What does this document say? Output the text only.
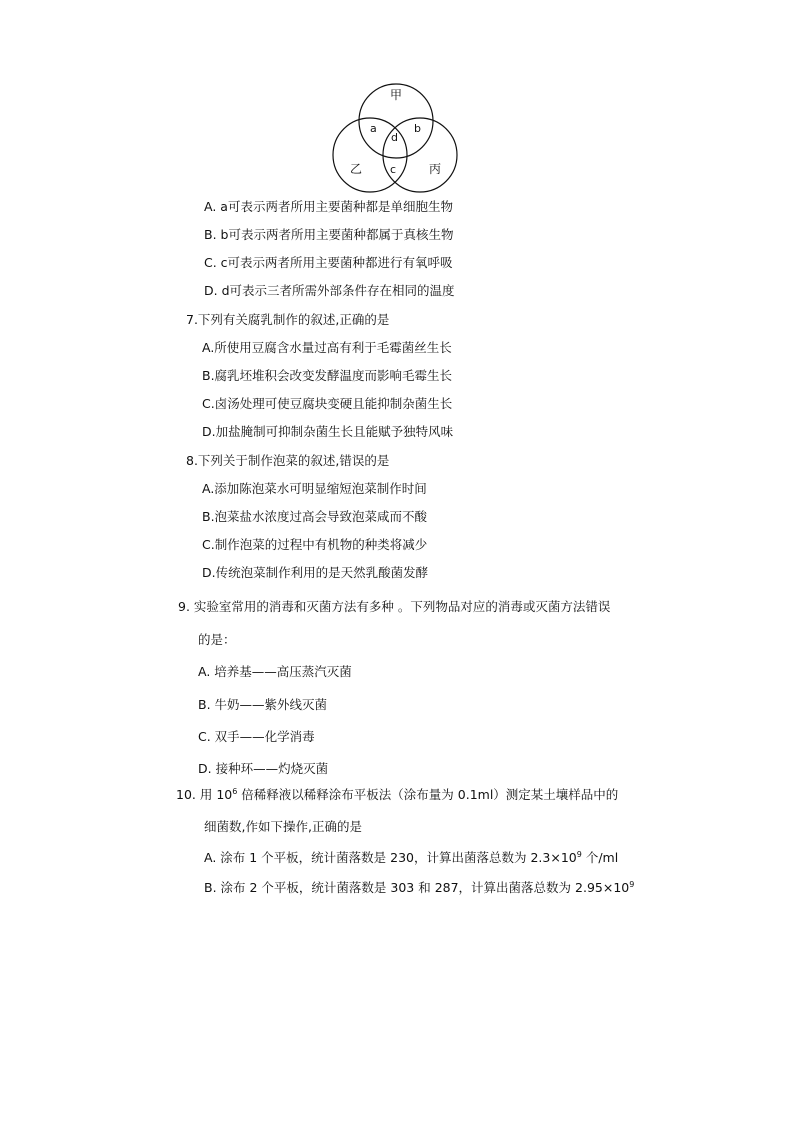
甲
a	b
d
c
乙	丙
A. a可表示两者所用主要菌种都是单细胞生物
B. b可表示两者所用主要菌种都属于真核生物
C. c可表示两者所用主要菌种都进行有氧呼吸
D. d可表示三者所需外部条件存在相同的温度
7.下列有关腐乳制作的叙述,正确的是
A.所使用豆腐含水量过高有利于毛霉菌丝生长
B.腐乳坯堆积会改变发酵温度而影响毛霉生长
C.卤汤处理可使豆腐块变硬且能抑制杂菌生长
D.加盐腌制可抑制杂菌生长且能赋予独特风味
8.下列关于制作泡菜的叙述,错误的是
A.添加陈泡菜水可明显缩短泡菜制作时间
B.泡菜盐水浓度过高会导致泡菜咸而不酸
C.制作泡菜的过程中有机物的种类将减少
D.传统泡菜制作利用的是天然乳酸菌发酵
9. 实验室常用的消毒和灭菌方法有多种 。下列物品对应的消毒或灭菌方法错误
的是：
A. 培养基——高压蒸汽灭菌
B. 牛奶——紫外线灭菌
C. 双手——化学消毒
D. 接种环——灼烧灭菌
10. 用 $10^6$ 倍稀释液以稀释涂布平板法（涂布量为 0.1ml）测定某土壤样品中的
细菌数,作如下操作,正确的是
A. 涂布 1 个平板，统计菌落数是 230，计算出菌落总数为 $2.3\times 10^9$ 个/ml
B. 涂布 2 个平板，统计菌落数是 303 和 287，计算出菌落总数为 $2.95\times 10^9$
